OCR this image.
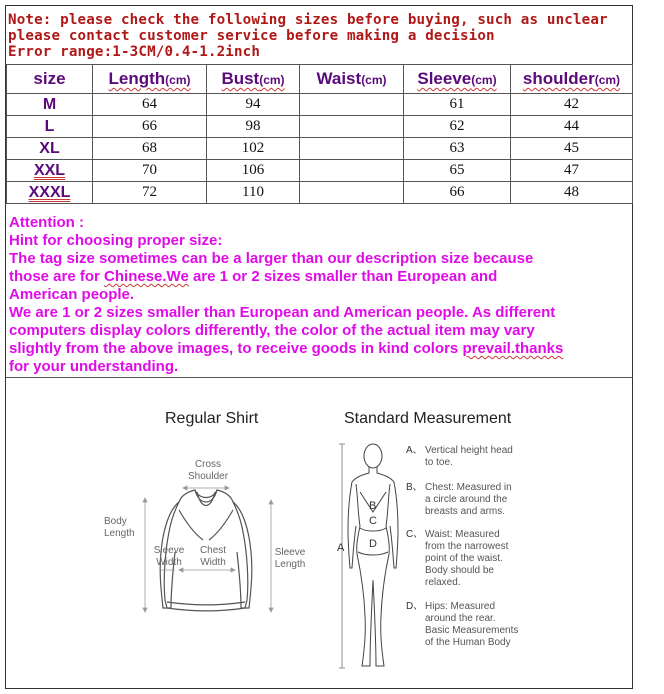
Note: please check the following sizes before buying, such as unclear
please contact customer service before making a decision
Error range:1-3CM/0.4-1.2inch
size	Length(cm)	Bust(cm)	Waist(cm)	Sleeve(cm)	shoulder(cm)
M	64	94		61	42
L	66	98		62	44
XL	68	102		63	45
XXL	70	106		65	47
XXXL	72	110		66	48
Attention :
Hint for choosing proper size:
The tag size sometimes can be a larger than our description size because
those are for Chinese.We are 1 or 2 sizes smaller than European and
American people.
We are 1 or 2 sizes smaller than European and American people. As different
computers display colors differently, the color of the actual item may vary
slightly from the above images, to receive goods in kind colors prevail.thanks
for your understanding.
Regular Shirt	Standard Measurement
Cross
Shoulder
Body
Length
Sleeve
Width
Chest
Width
Sleeve
Length
A
B
C
D
A、 Vertical height head
to toe.
B、 Chest: Measured in
a circle around the
breasts and arms.
C、 Waist: Measured
from the narrowest
point of the waist.
Body should be
relaxed.
D、 Hips: Measured
around the rear.
Basic Measurements
of the Human Body
